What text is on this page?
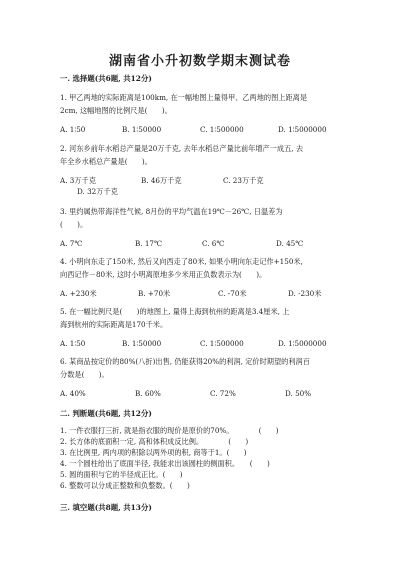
湖南省小升初数学期末测试卷
一. 选择题(共6题, 共12分)
1. 甲乙两地的实际距离是100km, 在一幅地图上量得甲、乙两地的图上距离是
2cm, 这幅地图的比例尺是(　　)。
A. 1∶50	B. 1∶50000	C. 1∶500000	D. 1∶5000000
2. 河东乡前年水稻总产量是20万千克, 去年水稻总产量比前年增产一成五, 去
年全乡水稻总产量是(　　)。
A. 3万千克	B. 46万千克	C. 23万千克
D. 32万千克
3. 里约属热带海洋性气候, 8月份的平均气温在19℃－26℃, 日温差为
(　　)。
A. 7℃	B. 17℃	C. 6℃	D. 45℃
4. 小明向东走了150米, 然后又向西走了80米, 如果小明向东走记作+150米,
向西记作－80米, 这时小明离原地多少米用正负数表示为(　　)。
A. +230米	B. +70米	C. -70米	D. -230米
5. 在一幅比例尺是(　　)的地图上, 量得上海到杭州的距离是3.4厘米, 上
海到杭州的实际距离是170千米。
A. 1∶50	B. 1∶50000	C. 1∶500000	D. 1∶5000000
6. 某商品按定价的80%(八折)出售, 仍能获得20%的利润, 定价时期望的利润百
分数是(　　)。
A. 40%	B. 60%	C. 72%	D. 50%
二. 判断题(共6题, 共12分)
1. 一件衣服打三折, 就是指衣服的现价是原价的70%。　　　　(　　)
2. 长方体的底面积一定, 高和体积成反比例。　　　　(　　)
3. 在比例里, 两内项的积除以两外项的积, 商等于1。(　　)
4. 一个圆柱给出了底面半径, 我能求出该圆柱的侧面积。　　(　　)
5. 圆的面积与它的半径成正比。(　　)
6. 整数可以分成正整数和负整数。(　　)
三. 填空题(共8题, 共13分)
